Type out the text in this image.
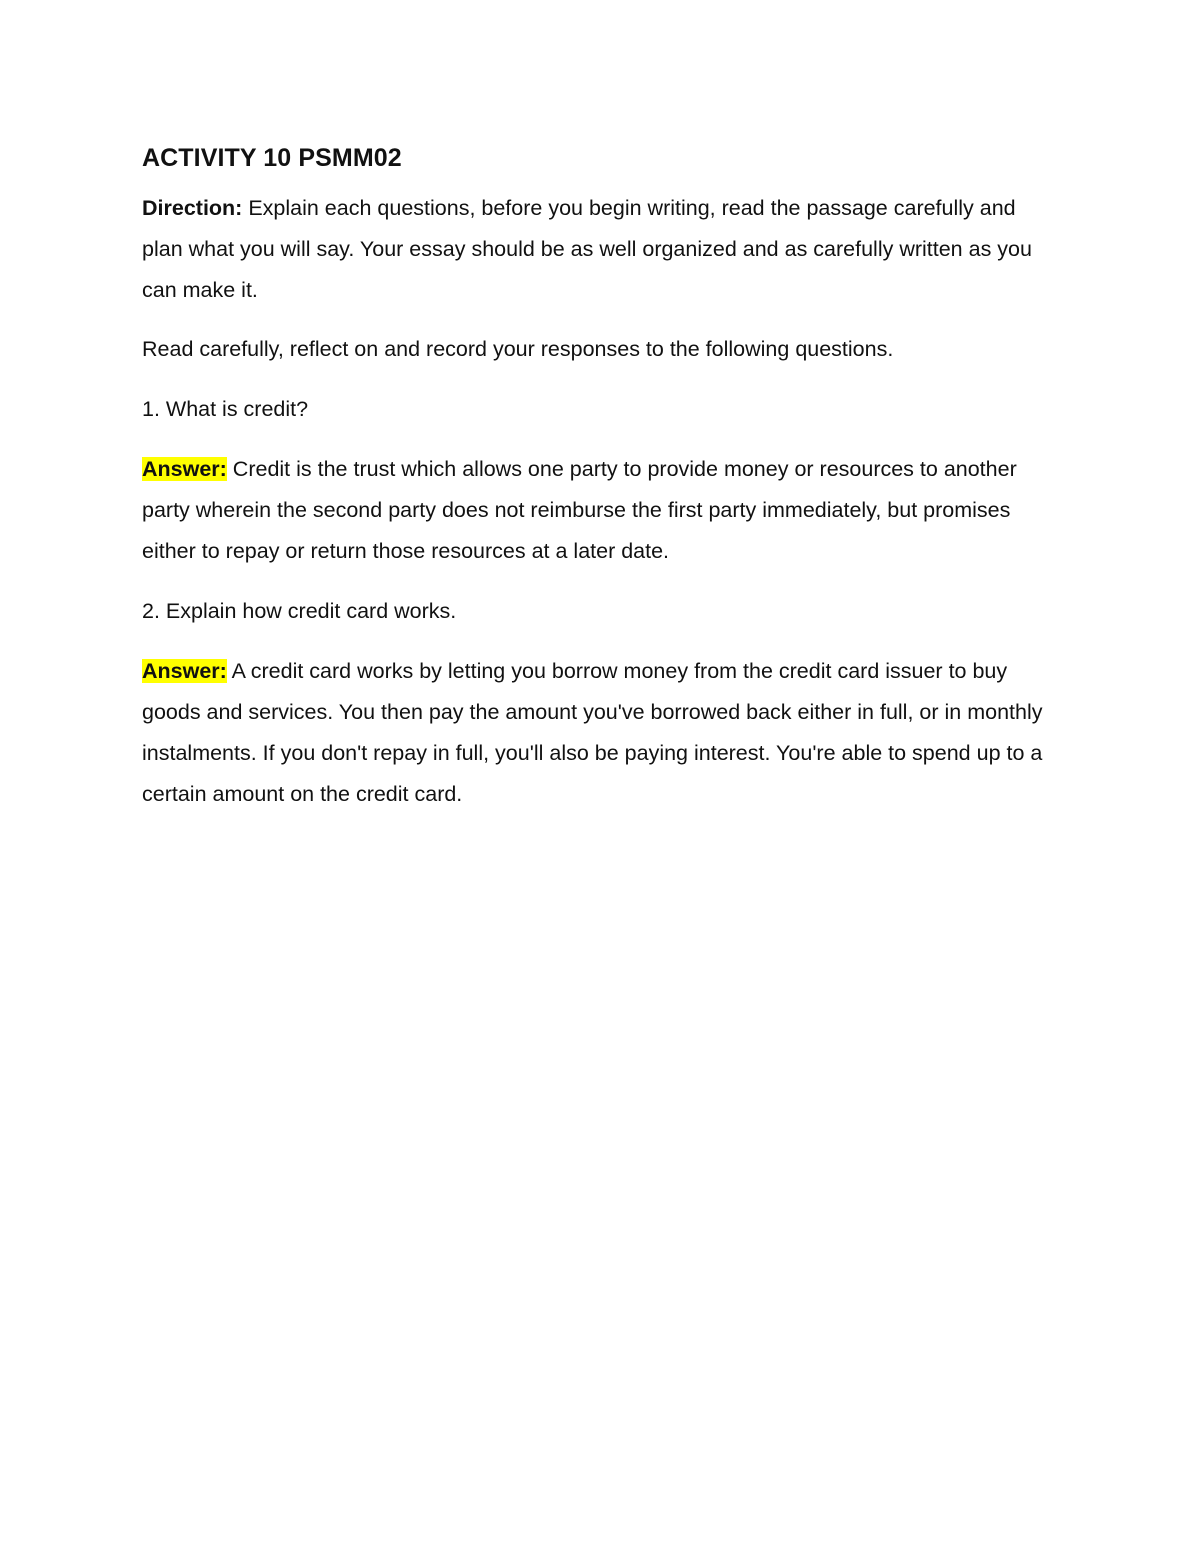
ACTIVITY 10 PSMM02

Direction: Explain each questions, before you begin writing, read the passage carefully and plan what you will say. Your essay should be as well organized and as carefully written as you can make it.

Read carefully, reflect on and record your responses to the following questions.

1. What is credit?

Answer: Credit is the trust which allows one party to provide money or resources to another party wherein the second party does not reimburse the first party immediately, but promises either to repay or return those resources at a later date.

2. Explain how credit card works.

Answer: A credit card works by letting you borrow money from the credit card issuer to buy goods and services. You then pay the amount you've borrowed back either in full, or in monthly instalments. If you don't repay in full, you'll also be paying interest. You're able to spend up to a certain amount on the credit card.
